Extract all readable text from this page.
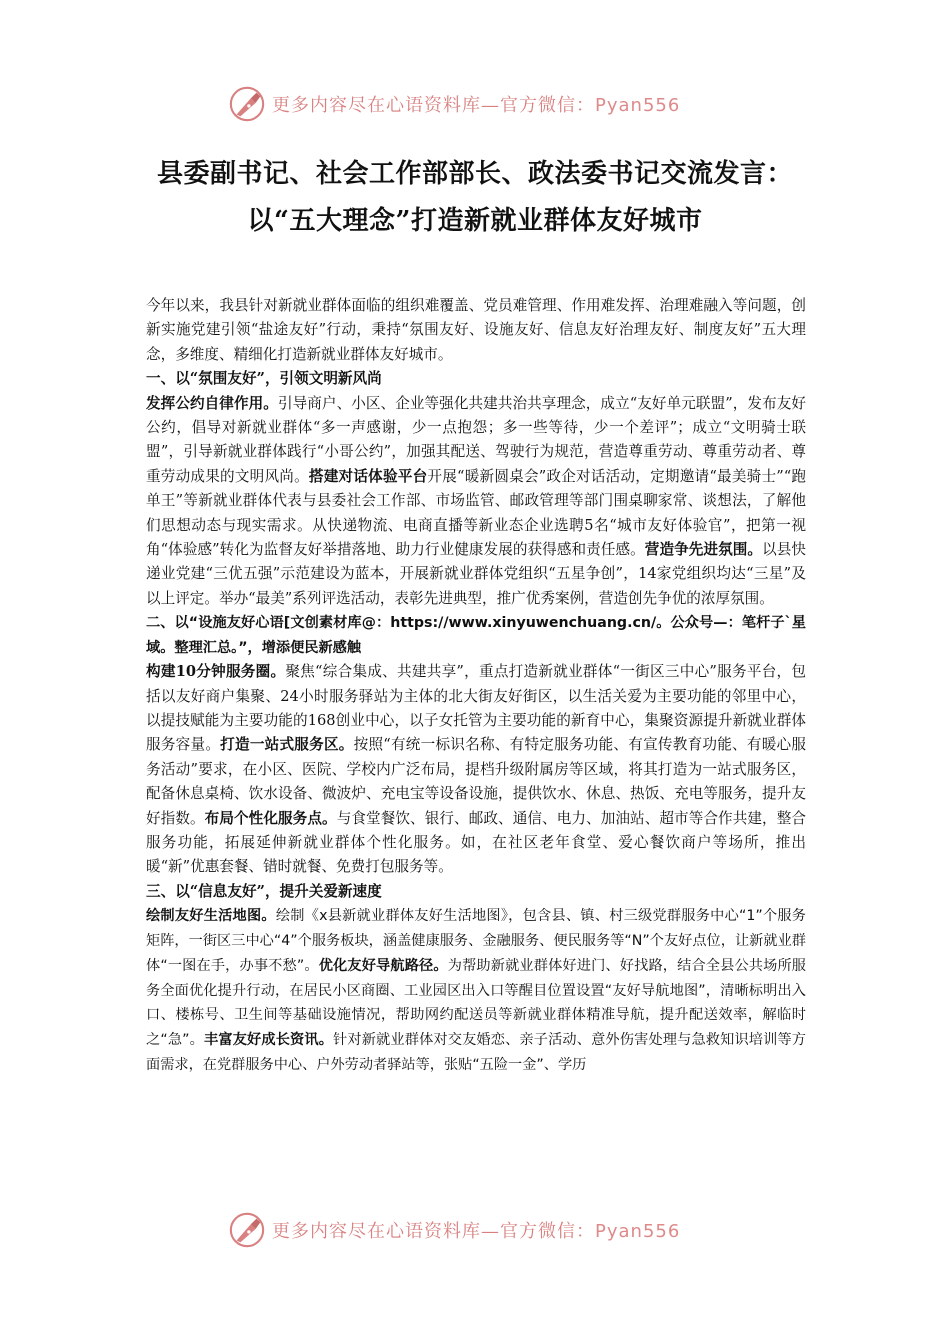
更多内容尽在心语资料库—官方微信：Pyan556
县委副书记、社会工作部部长、政法委书记交流发言：
以“五大理念”打造新就业群体友好城市

今年以来，我县针对新就业群体面临的组织难覆盖、党员难管理、作用难发挥、治理难融入等问题，创新实施党建引领“盐途友好”行动，秉持“氛围友好、设施友好、信息友好治理友好、制度友好”五大理念，多维度、精细化打造新就业群体友好城市。

一、以“氛围友好”，引领文明新风尚

发挥公约自律作用。引导商户、小区、企业等强化共建共治共享理念，成立“友好单元联盟”，发布友好公约，倡导对新就业群体“多一声感谢，少一点抱怨；多一些等待，少一个差评”；成立“文明骑士联盟”，引导新就业群体践行“小哥公约”，加强其配送、驾驶行为规范，营造尊重劳动、尊重劳动者、尊重劳动成果的文明风尚。搭建对话体验平台开展“暖新圆桌会”政企对话活动，定期邀请“最美骑士”“跑单王”等新就业群体代表与县委社会工作部、市场监管、邮政管理等部门围桌聊家常、谈想法，了解他们思想动态与现实需求。从快递物流、电商直播等新业态企业选聘5名“城市友好体验官”，把第一视角“体验感”转化为监督友好举措落地、助力行业健康发展的获得感和责任感。营造争先进氛围。以县快递业党建“三优五强”示范建设为蓝本，开展新就业群体党组织“五星争创”，14家党组织均达“三星”及以上评定。举办“最美”系列评选活动，表彰先进典型，推广优秀案例，营造创先争优的浓厚氛围。

二、以“设施友好心语[文创素材库@：https://www.xinyuwenchuang.cn/。公众号—：笔杆子`星域。整理汇总。”，增添便民新感触

构建10分钟服务圈。聚焦“综合集成、共建共享”，重点打造新就业群体“一街区三中心”服务平台，包括以友好商户集聚、24小时服务驿站为主体的北大街友好街区，以生活关爱为主要功能的邻里中心，以提技赋能为主要功能的168创业中心，以子女托管为主要功能的新育中心，集聚资源提升新就业群体服务容量。打造一站式服务区。按照“有统一标识名称、有特定服务功能、有宣传教育功能、有暖心服务活动”要求，在小区、医院、学校内广泛布局，提档升级附属房等区域，将其打造为一站式服务区，配备休息桌椅、饮水设备、微波炉、充电宝等设备设施，提供饮水、休息、热饭、充电等服务，提升友好指数。布局个性化服务点。与食堂餐饮、银行、邮政、通信、电力、加油站、超市等合作共建，整合服务功能，拓展延伸新就业群体个性化服务。如，在社区老年食堂、爱心餐饮商户等场所，推出暖“新”优惠套餐、错时就餐、免费打包服务等。

三、以“信息友好”，提升关爱新速度

绘制友好生活地图。绘制《x县新就业群体友好生活地图》，包含县、镇、村三级党群服务中心“1”个服务矩阵，一街区三中心“4”个服务板块，涵盖健康服务、金融服务、便民服务等“N”个友好点位，让新就业群体“一图在手，办事不愁”。优化友好导航路径。为帮助新就业群体好进门、好找路，结合全县公共场所服务全面优化提升行动，在居民小区商圈、工业园区出入口等醒目位置设置“友好导航地图”，清晰标明出入口、楼栋号、卫生间等基础设施情况，帮助网约配送员等新就业群体精准导航，提升配送效率，解临时之“急”。丰富友好成长资讯。针对新就业群体对交友婚恋、亲子活动、意外伤害处理与急救知识培训等方面需求，在党群服务中心、户外劳动者驿站等，张贴“五险一金”、学历

更多内容尽在心语资料库—官方微信：Pyan556
